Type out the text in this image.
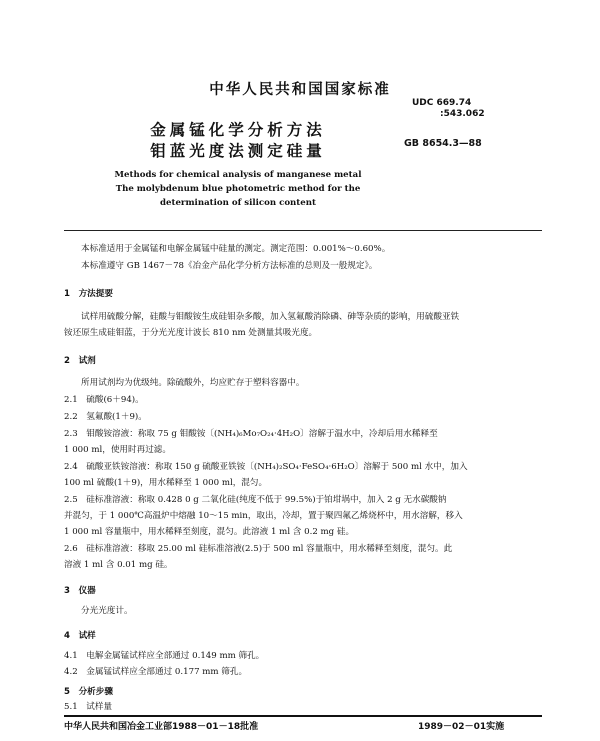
中华人民共和国国家标准
金属锰化学分析方法
钼蓝光度法测定硅量
UDC 669.74
:543.062
GB 8654.3—88
Methods for chemical analysis of manganese metal
The molybdenum blue photometric method for the
determination of silicon content
本标准适用于金属锰和电解金属锰中硅量的测定。测定范围：0.001%～0.60%。
本标准遵守 GB 1467－78《冶金产品化学分析方法标准的总则及一般规定》。
1　方法提要
试样用硫酸分解，硅酸与钼酸铵生成硅钼杂多酸，加入氢氟酸消除磷、砷等杂质的影响，用硫酸亚铁
铵还原生成硅钼蓝，于分光光度计波长 810 nm 处测量其吸光度。
2　试剂
所用试剂均为优级纯。除硫酸外，均应贮存于塑料容器中。
2.1　硫酸(6＋94)。
2.2　氢氟酸(1＋9)。
2.3　钼酸铵溶液：称取 75 g 钼酸铵〔(NH₄)₆Mo₇O₂₄·4H₂O〕溶解于温水中，冷却后用水稀释至
1 000 ml，使用时再过滤。
2.4　硫酸亚铁铵溶液：称取 150 g 硫酸亚铁铵〔(NH₄)₂SO₄·FeSO₄·6H₂O〕溶解于 500 ml 水中，加入
100 ml 硫酸(1＋9)，用水稀释至 1 000 ml，混匀。
2.5　硅标准溶液：称取 0.428 0 g 二氧化硅(纯度不低于 99.5%)于铂坩埚中，加入 2 g 无水碳酸钠
并混匀，于 1 000℃高温炉中熔融 10～15 min，取出，冷却，置于聚四氟乙烯烧杯中，用水溶解，移入
1 000 ml 容量瓶中，用水稀释至刻度，混匀。此溶液 1 ml 含 0.2 mg 硅。
2.6　硅标准溶液：移取 25.00 ml 硅标准溶液(2.5)于 500 ml 容量瓶中，用水稀释至刻度，混匀。此
溶液 1 ml 含 0.01 mg 硅。
3　仪器
分光光度计。
4　试样
4.1　电解金属锰试样应全部通过 0.149 mm 筛孔。
4.2　金属锰试样应全部通过 0.177 mm 筛孔。
5　分析步骤
5.1　试样量
中华人民共和国冶金工业部1988－01－18批准	1989－02－01实施
